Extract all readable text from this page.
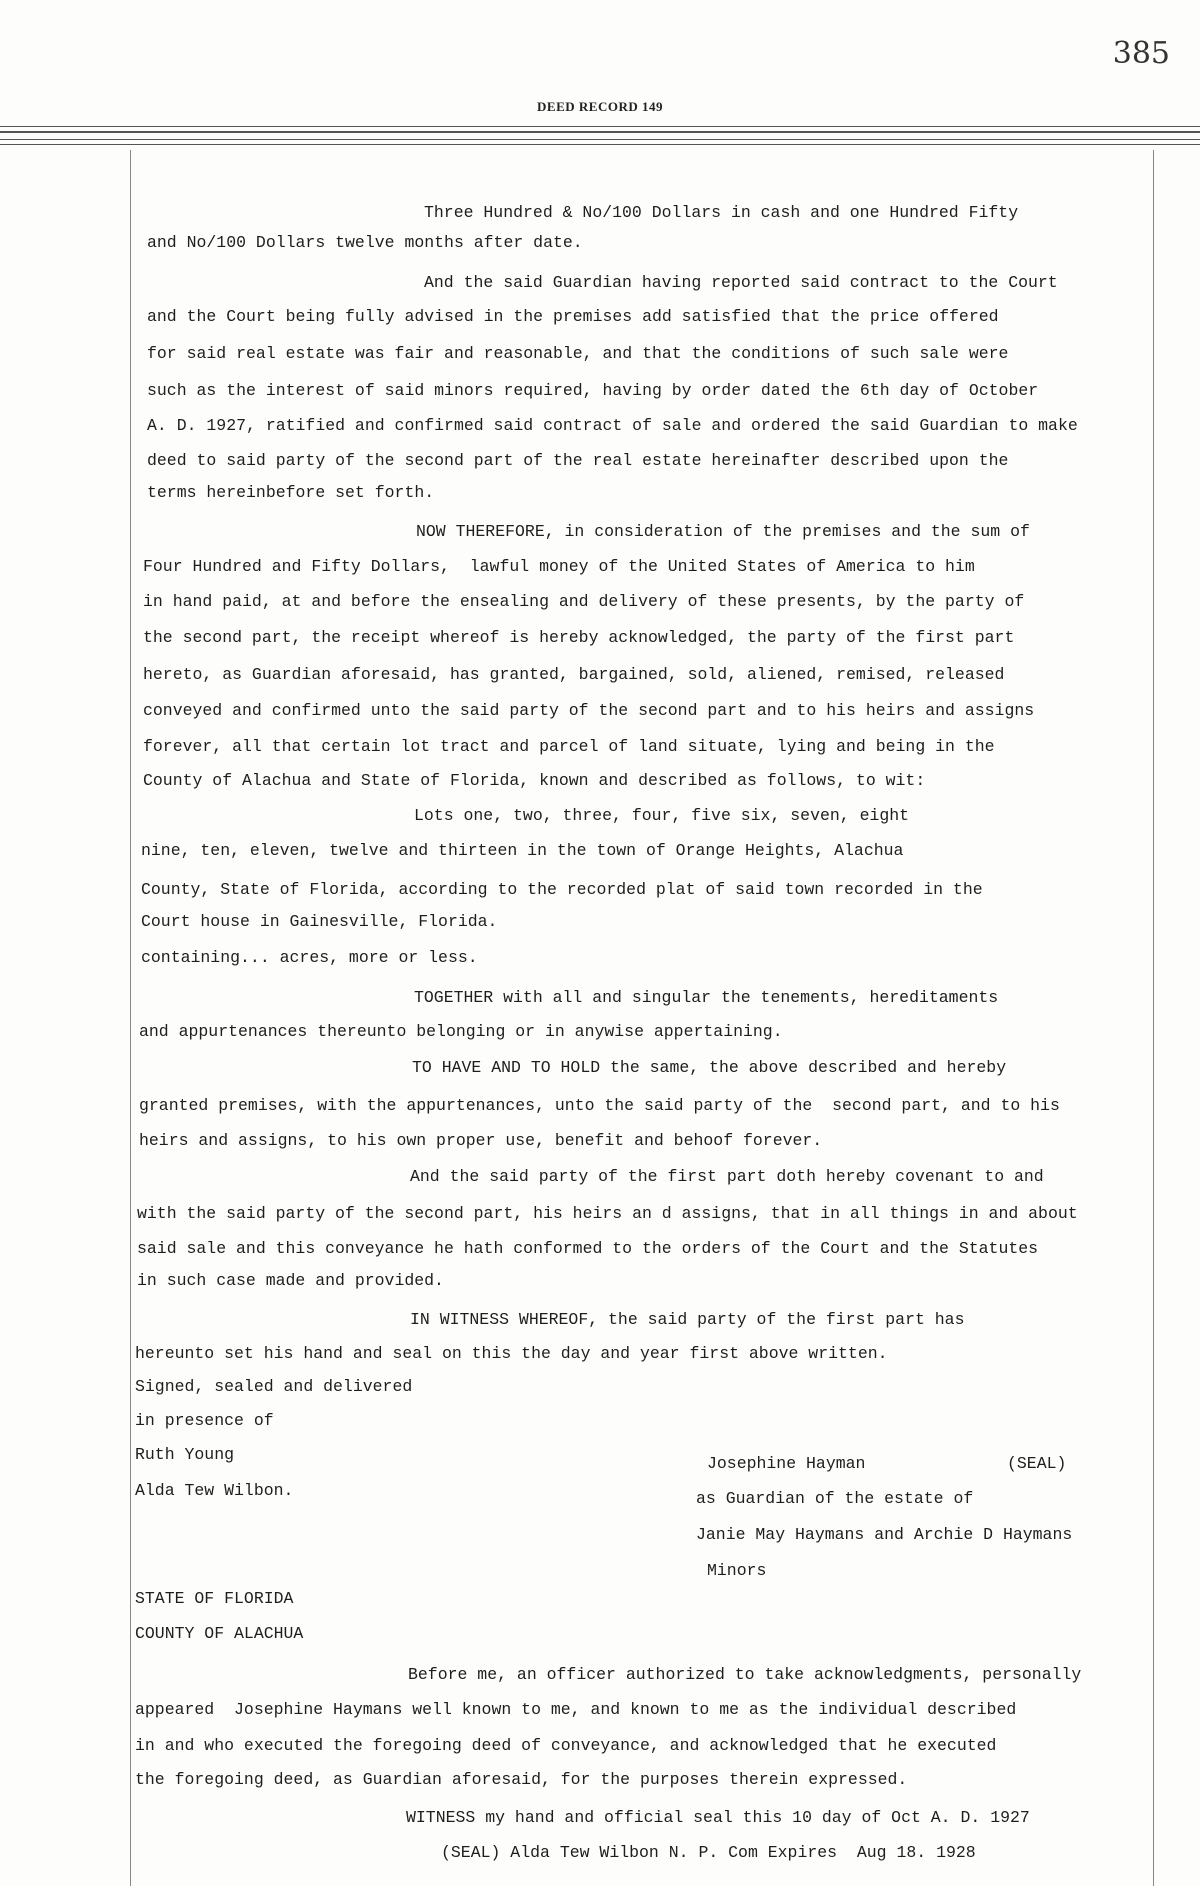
385
DEED RECORD 149
Three Hundred & No/100 Dollars in cash and one Hundred Fifty
and No/100 Dollars twelve months after date.
And the said Guardian having reported said contract to the Court
and the Court being fully advised in the premises add satisfied that the price offered
for said real estate was fair and reasonable, and that the conditions of such sale were
such as the interest of said minors required, having by order dated the 6th day of October
A. D. 1927, ratified and confirmed said contract of sale and ordered the said Guardian to make
deed to said party of the second part of the real estate hereinafter described upon the
terms hereinbefore set forth.
NOW THEREFORE, in consideration of the premises and the sum of
Four Hundred and Fifty Dollars,  lawful money of the United States of America to him
in hand paid, at and before the ensealing and delivery of these presents, by the party of
the second part, the receipt whereof is hereby acknowledged, the party of the first part
hereto, as Guardian aforesaid, has granted, bargained, sold, aliened, remised, released
conveyed and confirmed unto the said party of the second part and to his heirs and assigns
forever, all that certain lot tract and parcel of land situate, lying and being in the
County of Alachua and State of Florida, known and described as follows, to wit:
Lots one, two, three, four, five six, seven, eight
nine, ten, eleven, twelve and thirteen in the town of Orange Heights, Alachua
County, State of Florida, according to the recorded plat of said town recorded in the
Court house in Gainesville, Florida.
containing... acres, more or less.
TOGETHER with all and singular the tenements, hereditaments
and appurtenances thereunto belonging or in anywise appertaining.
TO HAVE AND TO HOLD the same, the above described and hereby
granted premises, with the appurtenances, unto the said party of the  second part, and to his
heirs and assigns, to his own proper use, benefit and behoof forever.
And the said party of the first part doth hereby covenant to and
with the said party of the second part, his heirs an d assigns, that in all things in and about
said sale and this conveyance he hath conformed to the orders of the Court and the Statutes
in such case made and provided.
IN WITNESS WHEREOF, the said party of the first part has
hereunto set his hand and seal on this the day and year first above written.
Signed, sealed and delivered
in presence of
Ruth Young
Alda Tew Wilbon.
Josephine Hayman	(SEAL)
as Guardian of the estate of
Janie May Haymans and Archie D Haymans
Minors
STATE OF FLORIDA
COUNTY OF ALACHUA
Before me, an officer authorized to take acknowledgments, personally
appeared  Josephine Haymans well known to me, and known to me as the individual described
in and who executed the foregoing deed of conveyance, and acknowledged that he executed
the foregoing deed, as Guardian aforesaid, for the purposes therein expressed.
WITNESS my hand and official seal this 10 day of Oct A. D. 1927
(SEAL) Alda Tew Wilbon N. P. Com Expires  Aug 18. 1928
